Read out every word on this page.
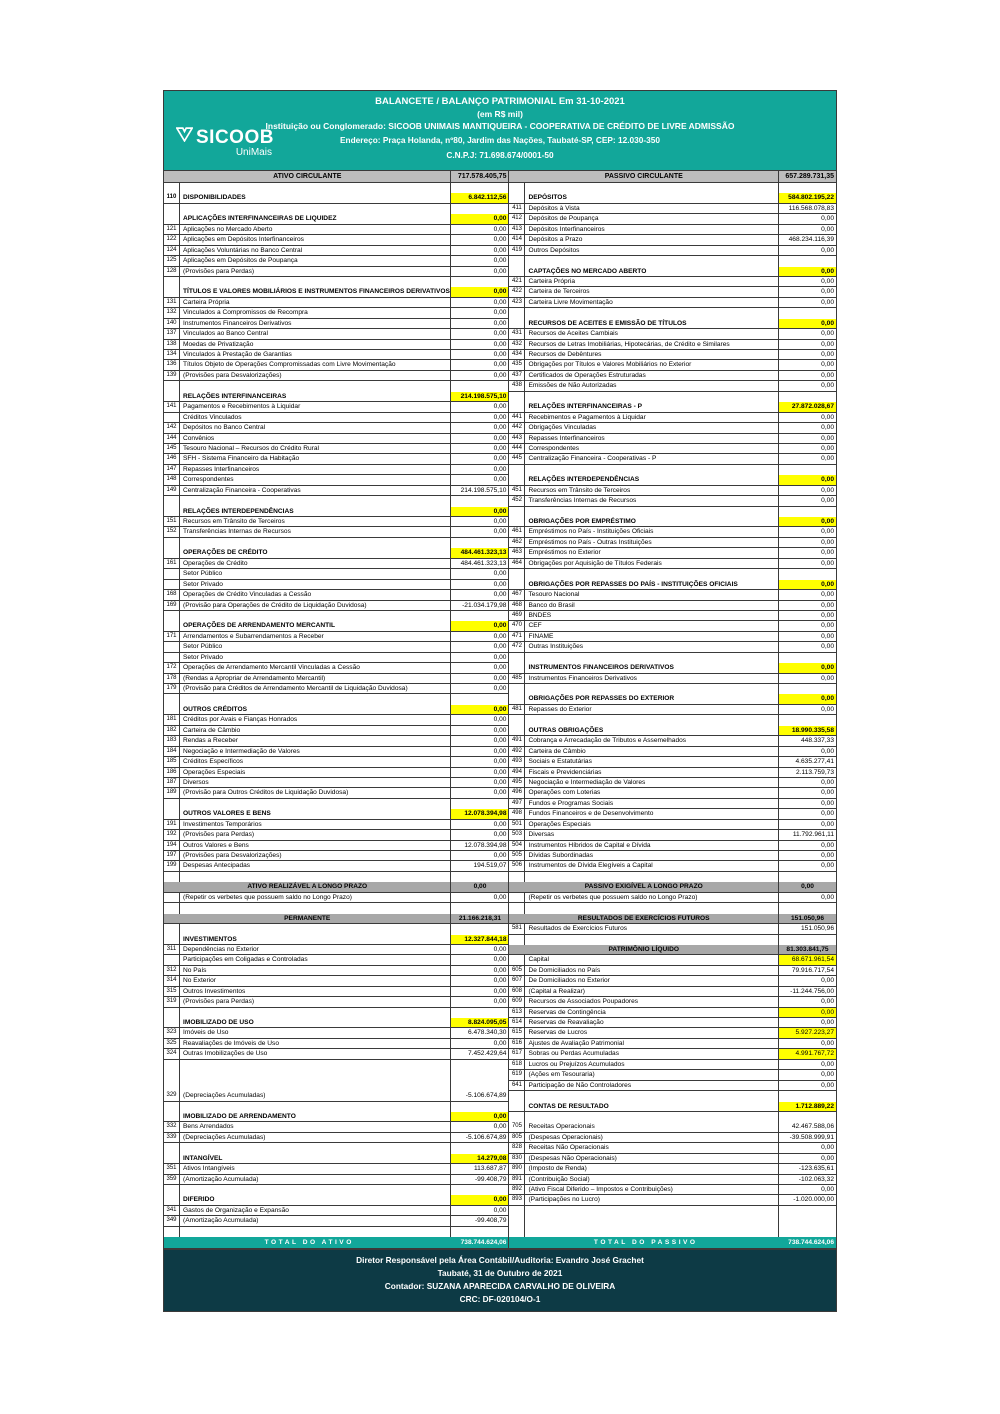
SICOOB
UniMais
BALANCETE / BALANÇO PATRIMONIAL Em 31-10-2021
(em R$ mil)
Instituição ou Conglomerado: SICOOB UNIMAIS MANTIQUEIRA - COOPERATIVA DE CRÉDITO DE LIVRE ADMISSÃO
Endereço: Praça Holanda, nº80, Jardim das Nações, Taubaté-SP, CEP: 12.030-350
C.N.P.J: 71.698.674/0001-50
ATIVO CIRCULANTE	717.578.405,75
110	DISPONIBILIDADES	6.842.112,56
APLICAÇÕES INTERFINANCEIRAS DE LIQUIDEZ	0,00
121 Aplicações no Mercado Aberto	0,00
122 Aplicações em Depósitos Interfinanceiros	0,00
124 Aplicações Voluntárias no Banco Central	0,00
125 Aplicações em Depósitos de Poupança	0,00
128 (Provisões para Perdas)	0,00
TÍTULOS E VALORES MOBILIÁRIOS E INSTRUMENTOS FINANCEIROS DERIVATIVOS	0,00
131 Carteira Própria	0,00
132 Vinculados a Compromissos de Recompra	0,00
140 Instrumentos Financeiros Derivativos	0,00
137 Vinculados ao Banco Central	0,00
138 Moedas de Privatização	0,00
134 Vinculados à Prestação de Garantias	0,00
136 Títulos Objeto de Operações Compromissadas com Livre Movimentação	0,00
139 (Provisões para Desvalorizações)	0,00
RELAÇÕES INTERFINANCEIRAS	214.198.575,10
141 Pagamentos e Recebimentos à Liquidar	0,00
Créditos Vinculados	0,00
142 Depósitos no Banco Central	0,00
144 Convênios	0,00
145 Tesouro Nacional – Recursos do Crédito Rural	0,00
146 SFH - Sistema Financeiro da Habitação	0,00
147 Repasses Interfinanceiros	0,00
148 Correspondentes	0,00
149 Centralização Financeira - Cooperativas	214.198.575,10
RELAÇÕES INTERDEPENDÊNCIAS	0,00
151 Recursos em Trânsito de Terceiros	0,00
152 Transferências Internas de Recursos	0,00
OPERAÇÕES DE CRÉDITO	484.461.323,13
161 Operações de Crédito	484.461.323,13
Setor Público	0,00
Setor Privado	0,00
168 Operações de Crédito Vinculadas a Cessão	0,00
169 (Provisão para Operações de Crédito de Liquidação Duvidosa)	-21.034.179,98
OPERAÇÕES DE ARRENDAMENTO MERCANTIL	0,00
171 Arrendamentos e Subarrendamentos a Receber	0,00
Setor Público	0,00
Setor Privado	0,00
172 Operações de Arrendamento Mercantil Vinculadas a Cessão	0,00
178 (Rendas a Apropriar de Arrendamento Mercantil)	0,00
179 (Provisão para Créditos de Arrendamento Mercantil de Liquidação Duvidosa)	0,00
OUTROS CRÉDITOS	0,00
181 Créditos por Avais e Fianças Honrados	0,00
182 Carteira de Câmbio	0,00
183 Rendas a Receber	0,00
184 Negociação e Intermediação de Valores	0,00
185 Créditos Específicos	0,00
186 Operações Especiais	0,00
187 Diversos	0,00
189 (Provisão para Outros Créditos de Liquidação Duvidosa)	0,00
OUTROS VALORES E BENS	12.078.394,98
191 Investimentos Temporários	0,00
192 (Provisões para Perdas)	0,00
194 Outros Valores e Bens	12.078.394,98
197 (Provisões para Desvalorizações)	0,00
199 Despesas Antecipadas	194.519,07
ATIVO REALIZÁVEL A LONGO PRAZO	0,00
(Repetir os verbetes que possuem saldo no Longo Prazo)	0,00
PERMANENTE	21.166.218,31
INVESTIMENTOS	12.327.844,18
311	Dependências no Exterior	0,00
Participações em Coligadas e Controladas	0,00
312 No País	0,00
314 No Exterior	0,00
315 Outros Investimentos	0,00
319 (Provisões para Perdas)	0,00
IMOBILIZADO DE USO	8.824.095,05
323 Imóveis de Uso	6.478.340,30
325 Reavaliações de Imóveis de Uso	0,00
324 Outras Imobilizações de Uso	7.452.429,64
329 (Depreciações Acumuladas)	-5.106.674,89
IMOBILIZADO DE ARRENDAMENTO	0,00
332 Bens Arrendados	0,00
339 (Depreciações Acumuladas)	-5.106.674,89
INTANGÍVEL	14.279,08
351 Ativos Intangíveis	113.687,87
359 (Amortização Acumulada)	-99.408,79
DIFERIDO	0,00
341 Gastos de Organização e Expansão	0,00
349 (Amortização Acumulada)	-99.408,79
TOTAL DO ATIVO	738.744.624,06
PASSIVO CIRCULANTE	657.289.731,35
DEPÓSITOS	584.802.195,22
411	Depósitos à Vista	116.568.078,83
412 Depósitos de Poupança	0,00
413 Depósitos Interfinanceiros	0,00
414 Depósitos a Prazo	468.234.116,39
419 Outros Depósitos	0,00
CAPTAÇÕES NO MERCADO ABERTO	0,00
421 Carteira Própria	0,00
422 Carteira de Terceiros	0,00
423 Carteira Livre Movimentação	0,00
RECURSOS DE ACEITES E EMISSÃO DE TÍTULOS	0,00
431 Recursos de Aceites Cambiais	0,00
432 Recursos de Letras Imobiliárias, Hipotecárias, de Crédito e Similares	0,00
434 Recursos de Debêntures	0,00
435 Obrigações por Títulos e Valores Mobiliários no Exterior	0,00
437 Certificados de Operações Estruturadas	0,00
438 Emissões de Não Autorizadas	0,00
RELAÇÕES INTERFINANCEIRAS - P	27.872.028,67
441 Recebimentos e Pagamentos à Liquidar	0,00
442 Obrigações Vinculadas	0,00
443 Repasses Interfinanceiros	0,00
444 Correspondentes	0,00
445 Centralização Financeira - Cooperativas - P	0,00
RELAÇÕES INTERDEPENDÊNCIAS	0,00
451 Recursos em Trânsito de Terceiros	0,00
452 Transferências Internas de Recursos	0,00
OBRIGAÇÕES POR EMPRÉSTIMO	0,00
461 Empréstimos no País - Instituições Oficiais	0,00
462 Empréstimos no País - Outras Instituições	0,00
463 Empréstimos no Exterior	0,00
464 Obrigações por Aquisição de Títulos Federais	0,00
OBRIGAÇÕES POR REPASSES DO PAÍS - INSTITUIÇÕES OFICIAIS	0,00
467 Tesouro Nacional	0,00
468 Banco do Brasil	0,00
469 BNDES	0,00
470 CEF	0,00
471 FINAME	0,00
472 Outras Instituições	0,00
INSTRUMENTOS FINANCEIROS DERIVATIVOS	0,00
485 Instrumentos Financeiros Derivativos	0,00
OBRIGAÇÕES POR REPASSES DO EXTERIOR	0,00
481 Repasses do Exterior	0,00
OUTRAS OBRIGAÇÕES	18.990.335,58
491 Cobrança e Arrecadação de Tributos e Assemelhados	448.337,33
492 Carteira de Câmbio	0,00
493 Sociais e Estatutárias	4.635.277,41
494 Fiscais e Previdenciárias	2.113.759,73
495 Negociação e Intermediação de Valores	0,00
496 Operações com Loterias	0,00
497 Fundos e Programas Sociais	0,00
498 Fundos Financeiros e de Desenvolvimento	0,00
501 Operações Especiais	0,00
503 Diversas	11.792.961,11
504 Instrumentos Híbridos de Capital e Dívida	0,00
505 Dívidas Subordinadas	0,00
506 Instrumentos de Dívida Elegíveis a Capital	0,00
PASSIVO EXIGÍVEL A LONGO PRAZO	0,00
(Repetir os verbetes que possuem saldo no Longo Prazo)	0,00
RESULTADOS DE EXERCÍCIOS FUTUROS	151.050,96
581 Resultados de Exercícios Futuros	151.050,96
PATRIMÔNIO LÍQUIDO	81.303.841,75
Capital	68.671.961,54
605 De Domiciliados no País	79.916.717,54
607 De Domiciliados no Exterior	0,00
608 (Capital a Realizar)	-11.244.756,00
609 Recursos de Associados Poupadores	0,00
613 Reservas de Contingência	0,00
614 Reservas de Reavaliação	0,00
615 Reservas de Lucros	5.927.223,27
616 Ajustes de Avaliação Patrimonial	0,00
617 Sobras ou Perdas Acumuladas	4.991.767,72
618 Lucros ou Prejuízos Acumulados	0,00
619 (Ações em Tesouraria)	0,00
641 Participação de Não Controladores	0,00
CONTAS DE RESULTADO	1.712.889,22
705 Receitas Operacionais	42.467.588,06
805 (Despesas Operacionais)	-39.508.999,91
828 Receitas Não Operacionais	0,00
830 (Despesas Não Operacionais)	0,00
890 (Imposto de Renda)	-123.635,61
891 (Contribuição Social)	-102.063,32
892 (Ativo Fiscal Diferido – Impostos e Contribuições)	0,00
893 (Participações no Lucro)	-1.020.000,00
TOTAL DO PASSIVO	738.744.624,06
Diretor Responsável pela Área Contábil/Auditoria: Evandro José Grachet
Taubaté, 31 de Outubro de 2021
Contador: SUZANA APARECIDA CARVALHO DE OLIVEIRA
CRC: DF-020104/O-1
